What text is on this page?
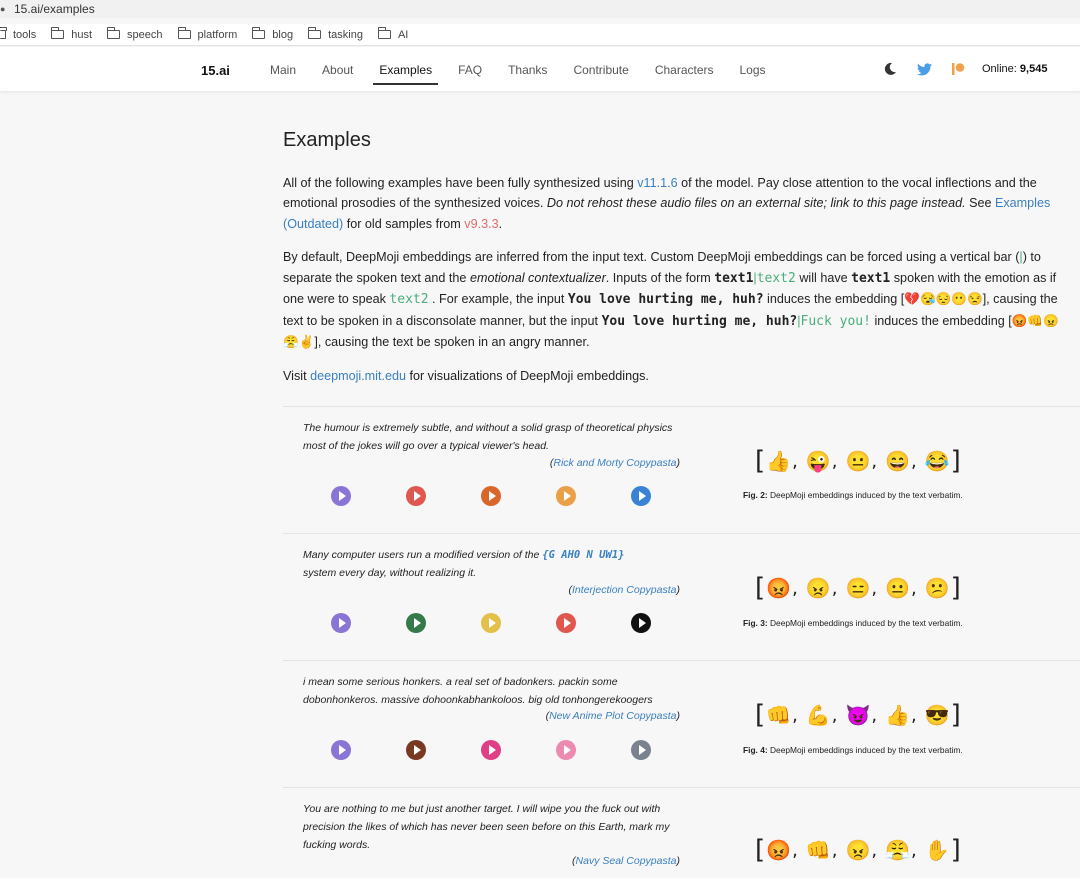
● 15.ai/examples
tools	hust	speech	platform	blog	tasking	AI
15.ai	Main About Examples FAQ Thanks Contribute Characters Logs	Online: 9,545
Examples

All of the following examples have been fully synthesized using v11.1.6 of the model. Pay close attention to the vocal inflections and the emotional prosodies of the synthesized voices. Do not rehost these audio files on an external site; link to this page instead. See Examples (Outdated) for old samples from v9.3.3.

By default, DeepMoji embeddings are inferred from the input text. Custom DeepMoji embeddings can be forced using a vertical bar (|) to separate the spoken text and the emotional contextualizer. Inputs of the form text1|text2 will have text1 spoken with the emotion as if one were to speak text2 . For example, the input You love hurting me, huh? induces the embedding [💔😪😔😶😒], causing the text to be spoken in a disconsolate manner, but the input You love hurting me, huh?|Fuck you! induces the embedding [😡👊😠😤✌], causing the text be spoken in an angry manner.

Visit deepmoji.mit.edu for visualizations of DeepMoji embeddings.

The humour is extremely subtle, and without a solid grasp of theoretical physics most of the jokes will go over a typical viewer's head.
(Rick and Morty Copypasta)	[ 👍 , 😜 , 😐 , 😄 , 😂 ]
Fig. 2: DeepMoji embeddings induced by the text verbatim.
Many computer users run a modified version of the {G AH0 N UW1}
system every day, without realizing it.
(Interjection Copypasta)	[ 😡 , 😠 , 😑 , 😐 , 😕 ]
Fig. 3: DeepMoji embeddings induced by the text verbatim.
i mean some serious honkers. a real set of badonkers. packin some dobonhonkeros. massive dohoonkabhankoloos. big old tonhongerekoogers
(New Anime Plot Copypasta)	[ 👊 , 💪 , 😈 , 👍 , 😎 ]
Fig. 4: DeepMoji embeddings induced by the text verbatim.
You are nothing to me but just another target. I will wipe you the fuck out with precision the likes of which has never been seen before on this Earth, mark my fucking words.
(Navy Seal Copypasta)	[ 😡 , 👊 , 😠 , 😤 , ✋ ]
